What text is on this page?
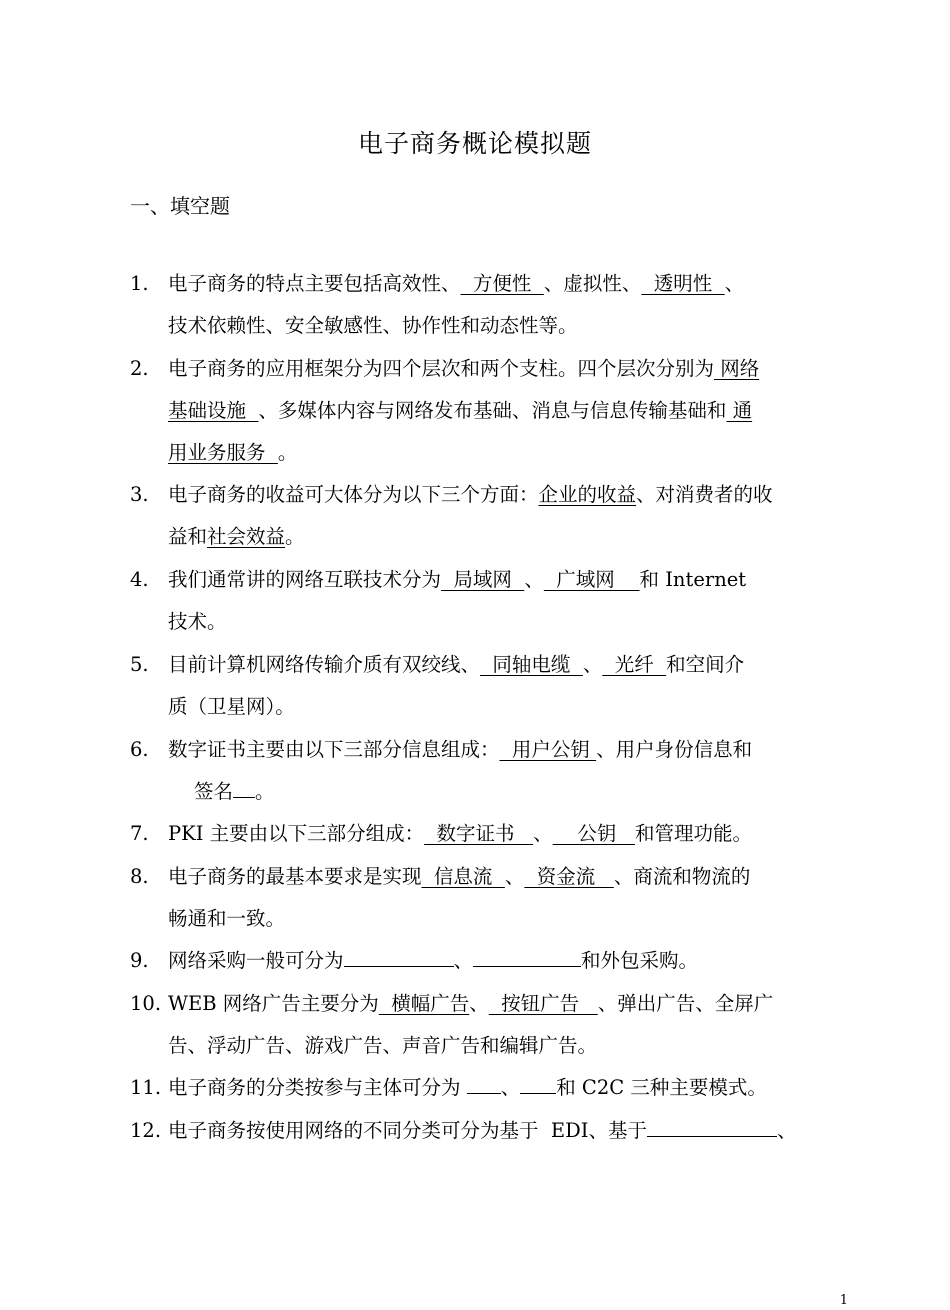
电子商务概论模拟题
一、填空题
1. 电子商务的特点主要包括高效性、  方便性  、虚拟性、  透明性  、
技术依赖性、安全敏感性、协作性和动态性等。
2. 电子商务的应用框架分为四个层次和两个支柱。四个层次分别为 网络
基础设施  、多媒体内容与网络发布基础、消息与信息传输基础和 通
用业务服务  。
3. 电子商务的收益可大体分为以下三个方面：企业的收益、对消费者的收
益和社会效益。
4. 我们通常讲的网络互联技术分为  局域网  、  广域网    和 Internet
技术。
5. 目前计算机网络传输介质有双绞线、  同轴电缆  、  光纤  和空间介
质（卫星网）。
6. 数字证书主要由以下三部分信息组成：  用户公钥 、用户身份信息和
签名 。
7. PKI 主要由以下三部分组成：  数字证书   、    公钥   和管理功能。
8. 电子商务的最基本要求是实现  信息流  、  资金流   、商流和物流的
畅通和一致。
9. 网络采购一般可分为	、	和外包采购。
10. WEB 网络广告主要分为  横幅广告、  按钮广告   、弹出广告、全屏广
告、浮动广告、游戏广告、声音广告和编辑广告。
11. 电子商务的分类按参与主体可分为 、 和 C2C 三种主要模式。
12. 电子商务按使用网络的不同分类可分为基于  EDI、基于	、
1
